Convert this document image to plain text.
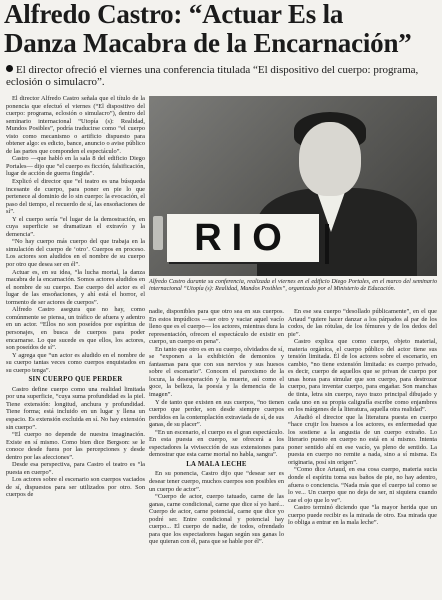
Alfredo Castro: “Actuar Es la
Danza Macabra de la Encarnación”

El director ofreció el viernes una conferencia titulada “El dispositivo del cuerpo: programa, eclosión o simulacro”.

El director Alfredo Castro señala que el título de la ponencia que efectuó el viernes (“El dispositivo del cuerpo: programa, eclosión o simulacro”), dentro del seminario internacional “Utopía (s): Realidad, Mundos Posibles”, podría traducirse como “el cuerpo visto como mecanismo o artificio dispuesto para obtener algo: es edicto, bance, anuncio o avise público de las partes que componden el espectáculo”.

Castro —que habló en la sala 8 del edificio Diego Portales— dijo que “el cuerpo es ficción, falsificación, lugar de acción de guerra fingida”.

Explicó el director que “el teatro es una búsqueda incesante de cuerpo, para poner en pie lo que pertenece al dominio de lo sin cuerpo: la evocación, el paso del tiempo, el recuerdo de sí, las ensoñaciones de sí”.

Y el cuerpo sería “el lugar de la demostración, en cuya superficie se dramatizan el extravío y la demencia”.

“No hay cuerpo más cuerpo del que trabaja en la simulación del cuerpo de ‘otro’. Cuerpos en proceso. Los actores son aludidos en el nombre de su cuerpo por otro que desea ser en él”.

Actuar es, en su idea, “la lucha mortal, la danza macabra de la encarnación. Somos actores aludidos en el nombre de su cuerpo. Ese cuerpo del actor es el lugar de las ensoñaciones, y ahí está el horror, el tormento de ser actores de cuerpos”.

Alfredo Castro asegura que no hay, como comúnmente se piensa, un tráfico de afuera y adentro en un actor. “Ellos no son poseídos por espíritus de personajes, en busca de cuerpos para poder encarnarse. Lo que sucede es que ellos, los actores, son poseídos de sí”.

Y agrega que “un actor es aludido en el nombre de su cuerpo tantas veces como cuerpos enquistados en su cuerpo tenga”.

SIN CUERPO QUE PERDER

Castro define cuerpo como una realidad limitada por una superficie, “cuya suma profundidad es la piel. Tiene extensión: longitud, anchura y profundidad. Tiene forma; está incluido en un lugar y llena un espacio. Es extensión excluida en sí. No hay extensión sin cuerpo”.

“El cuerpo no depende de nuestra imaginación. Existe en sí mismo. Como bien dice Bergson: se le conoce desde fuera por las percepciones y desde dentro por las afecciones”.

Desde esa perspectiva, para Castro el teatro es “la puesta en cuerpo”.

Los actores sobre el escenario son cuerpos vaciados de sí, dispuestos para ser utilizados por otro. Son cuerpos de

RIO

Alfredo Castro durante su conferencia, realizada el viernes en el edificio Diego Portales, en el marco del seminario internacional “Utopía (s): Realidad, Mundos Posibles”, organizado por el Ministerio de Educación.

nadie, disponibles para que otro sea en sus cuerpos. En estos impúdicos —ser otro y vaciar aquel vacío lleno que es el cuerpo— los actores, mientras dura la representación, ofrecen el espectáculo de existir en cuerpo, un cuerpo en pena”.

En tanto que otro es en su cuerpo, olvidados de sí, se “exponen a la exhibición de demonios y fantasmas para que con sus nervios y sus huesos sobre el escenario”. Conocen el paroxismo de la locura, la desesperación y la muerte, así como el goce, la belleza, la poesía y la demencia de la imagen”.

Y de tanto que existen en sus cuerpos, “no tienen cuerpo que perder, son desde siempre cuerpos perdidos en la contemplación extraviada de sí, de sus ganas, de su placer”.

“En un escenario, el cuerpo es el gran espectáculo. En esta puesta en cuerpo, se ofrecerá a los espectadores la vivisección de sus extensiones para demostrar que esta carne mortal no habla, sangra”.

LA MALA LECHE

En su ponencia, Castro dijo que “desear ser es desear tener cuerpo, muchos cuerpos son posibles en un cuerpo de actor”.

“Cuerpo de actor, cuerpo tatuado, carne de las ganas, carne condicional, carne que dice sí yo haré... Cuerpo de actor, carne potencial, carne que dice yo podré ser. Entre condicional y potencial hay cuerpo... El cuerpo de nadie, de todos, ofrendado para que los espectadores hagan según sus ganas lo que quieran con él, para que se hable por él”.

En ese sea cuerpo “desollado públicamente”, en el que Artaud “quiere hacer danzar a los párpados al par de los codos, de las rótulas, de los fémures y de los dedos del pie”.

Castro explica que como cuerpo, objeto material, materia orgánica, el cuerpo público del actor tiene sus tensión limitada. Él de los actores sobre el escenario, en cambio, “no tiene extensión limitada: es cuerpo privado, es decir, cuerpo de aquellos que se privan de cuerpo por unas horas para simular que son cuerpo, para destrozar cuerpo, para inventar cuerpo, para engañar. Son manchas de tinta, letra sin cuerpo, rayo trazo principal dibujado y cada uno en su propia caligrafía escribe como enjambres en los márgenes de la literatura, aquella otra realidad”.

Añadió el director que la literatura puesta en cuerpo “hace crujir los huesos a los actores, es enfermedad que los sostiene a la angustia de un cuerpo extraño. Lo literario puesto en cuerpo no está en sí mismo. Intenta poner sentido ahí en ese vacío, ya pleno de sentido. La puesta en cuerpo no remite a nada, sino a sí misma. Es originaria, posí sin origen”.

“Como dice Artaud, en esa cosa cuerpo, materia sucia donde el espíritu toma sus baños de pie, no hay adentro, afuera o conciencia. “Nada más que el cuerpo tal como se lo ve... Un cuerpo que no deja de ser, ni siquiera cuando cae el ojo que lo ve”.

Castro terminó diciendo que “la mayor herida que un cuerpo puede recibir es la mirada de otro. Esa mirada que lo obliga a entrar en la mala leche”.
